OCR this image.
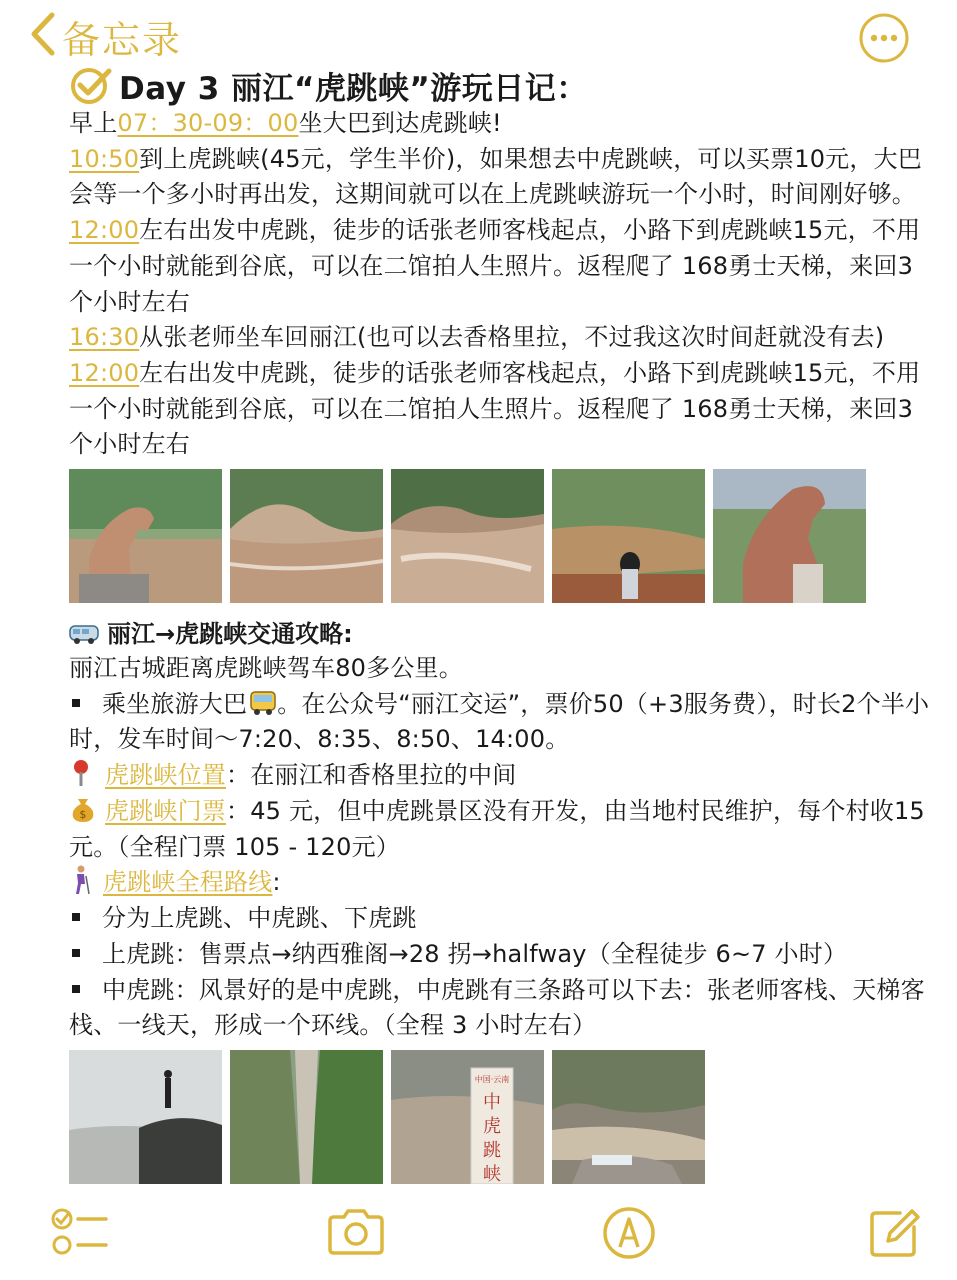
备忘录
Day 3 丽江“虎跳峡”游玩日记：
早上07：30-09：00坐大巴到达虎跳峡!
10:50到上虎跳峡(45元，学生半价)，如果想去中虎跳峡，可以买票10元，大巴会等一个多小时再出发，这期间就可以在上虎跳峡游玩一个小时，时间刚好够。
12:00左右出发中虎跳，徒步的话张老师客栈起点，小路下到虎跳峡15元，不用一个小时就能到谷底，可以在二馆拍人生照片。返程爬了 168勇士天梯，来回3个小时左右
16:30从张老师坐车回丽江(也可以去香格里拉，不过我这次时间赶就没有去)
12:00左右出发中虎跳，徒步的话张老师客栈起点，小路下到虎跳峡15元，不用一个小时就能到谷底，可以在二馆拍人生照片。返程爬了 168勇士天梯，来回3个小时左右
丽江→虎跳峡交通攻略:
丽江古城距离虎跳峡驾车80多公里。
乘坐旅游大巴 。在公众号“丽江交运”，票价50（+3服务费），时长2个半小时，发车时间～7:20、8:35、8:50、14:00。
虎跳峡位置：在丽江和香格里拉的中间
$ 虎跳峡门票：45 元，但中虎跳景区没有开发，由当地村民维护，每个村收15元。（全程门票 105 - 120元）
虎跳峡全程路线:
分为上虎跳、中虎跳、下虎跳
上虎跳：售票点→纳西雅阁→28 拐→halfway（全程徒步 6~7 小时）
中虎跳：风景好的是中虎跳，中虎跳有三条路可以下去：张老师客栈、天梯客栈、一线天，形成一个环线。（全程 3 小时左右）
中国·云南
中
虎
跳
峡
